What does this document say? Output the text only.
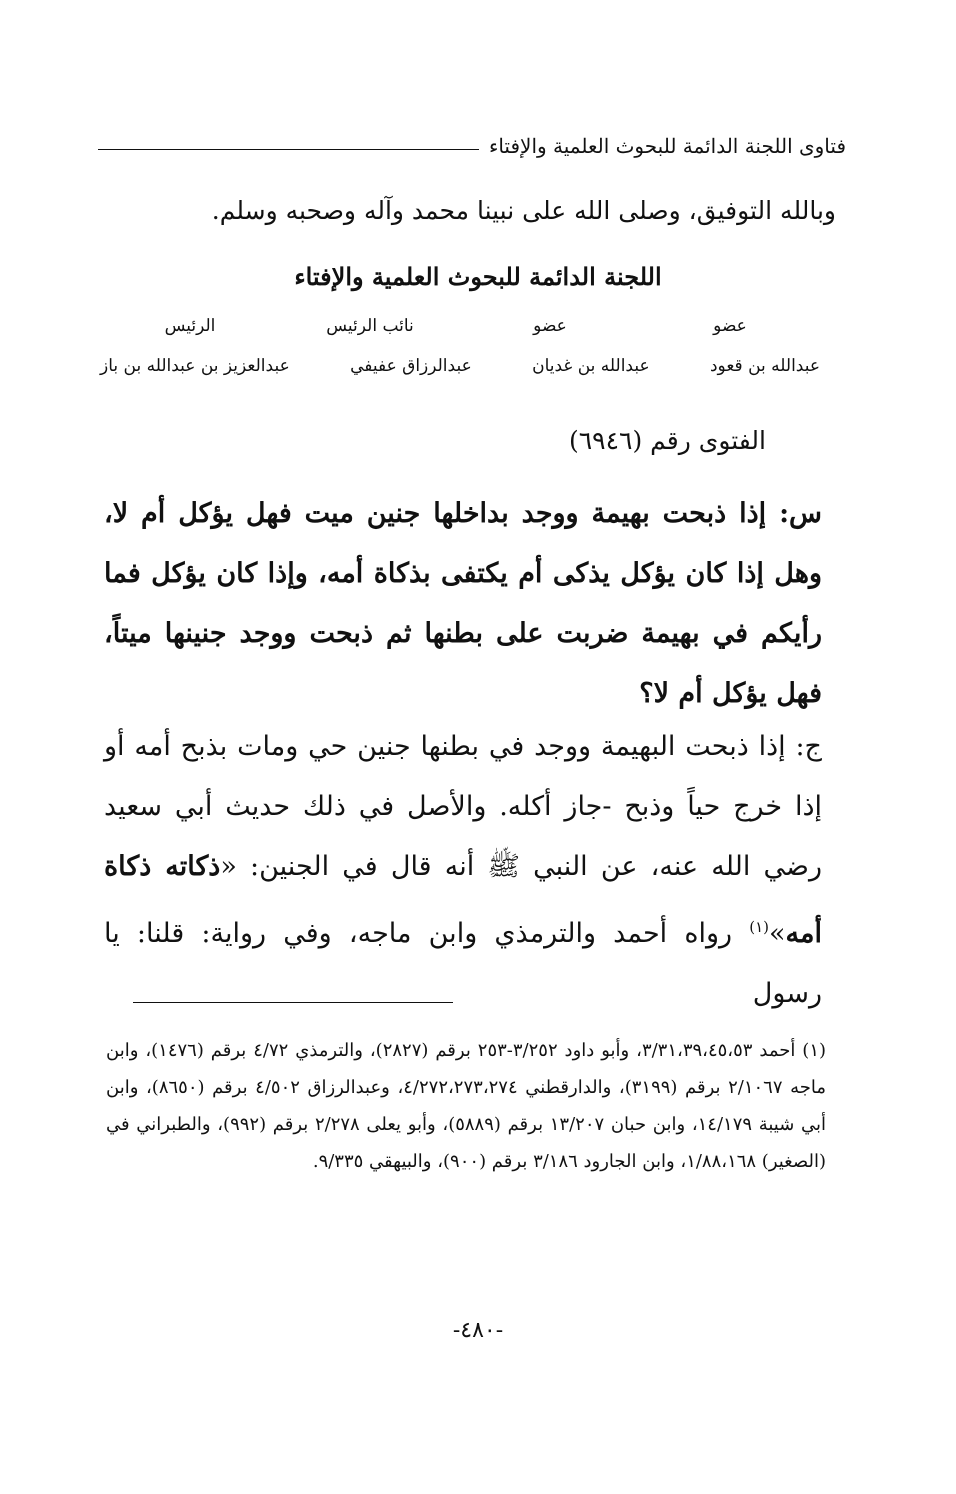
فتاوى اللجنة الدائمة للبحوث العلمية والإفتاء
وبالله التوفيق، وصلى الله على نبينا محمد وآله وصحبه وسلم.
اللجنة الدائمة للبحوث العلمية والإفتاء
عضو
عضو
نائب الرئيس
الرئيس
عبدالله بن قعود
عبدالله بن غديان
عبدالرزاق عفيفي
عبدالعزيز بن عبدالله بن باز
الفتوى رقم (٦٩٤٦)
س: إذا ذبحت بهيمة ووجد بداخلها جنين ميت فهل يؤكل أم لا، وهل إذا كان يؤكل يذكى أم يكتفى بذكاة أمه، وإذا كان يؤكل فما رأيكم في بهيمة ضربت على بطنها ثم ذبحت ووجد جنينها ميتاً، فهل يؤكل أم لا؟
ج: إذا ذبحت البهيمة ووجد في بطنها جنين حي ومات بذبح أمه أو إذا خرج حياً وذبح -جاز أكله. والأصل في ذلك حديث أبي سعيد رضي الله عنه، عن النبي ﷺ أنه قال في الجنين: «ذكاته ذكاة أمه»$^{(١)}$ رواه أحمد والترمذي وابن ماجه، وفي رواية: قلنا: يا رسول
(١) أحمد ٣/٣١،٣٩،٤٥،٥٣، وأبو داود ٣/٢٥٢-٢٥٣ برقم (٢٨٢٧)، والترمذي ٤/٧٢ برقم (١٤٧٦)، وابن ماجه ٢/١٠٦٧ برقم (٣١٩٩)، والدارقطني ٤/٢٧٢،٢٧٣،٢٧٤، وعبدالرزاق ٤/٥٠٢ برقم (٨٦٥٠)، وابن أبي شيبة ١٤/١٧٩، وابن حبان ١٣/٢٠٧ برقم (٥٨٨٩)، وأبو يعلى ٢/٢٧٨ برقم (٩٩٢)، والطبراني في (الصغير) ١/٨٨،١٦٨، وابن الجارود ٣/١٨٦ برقم (٩٠٠)، والبيهقي ٩/٣٣٥.
-٤٨٠-
